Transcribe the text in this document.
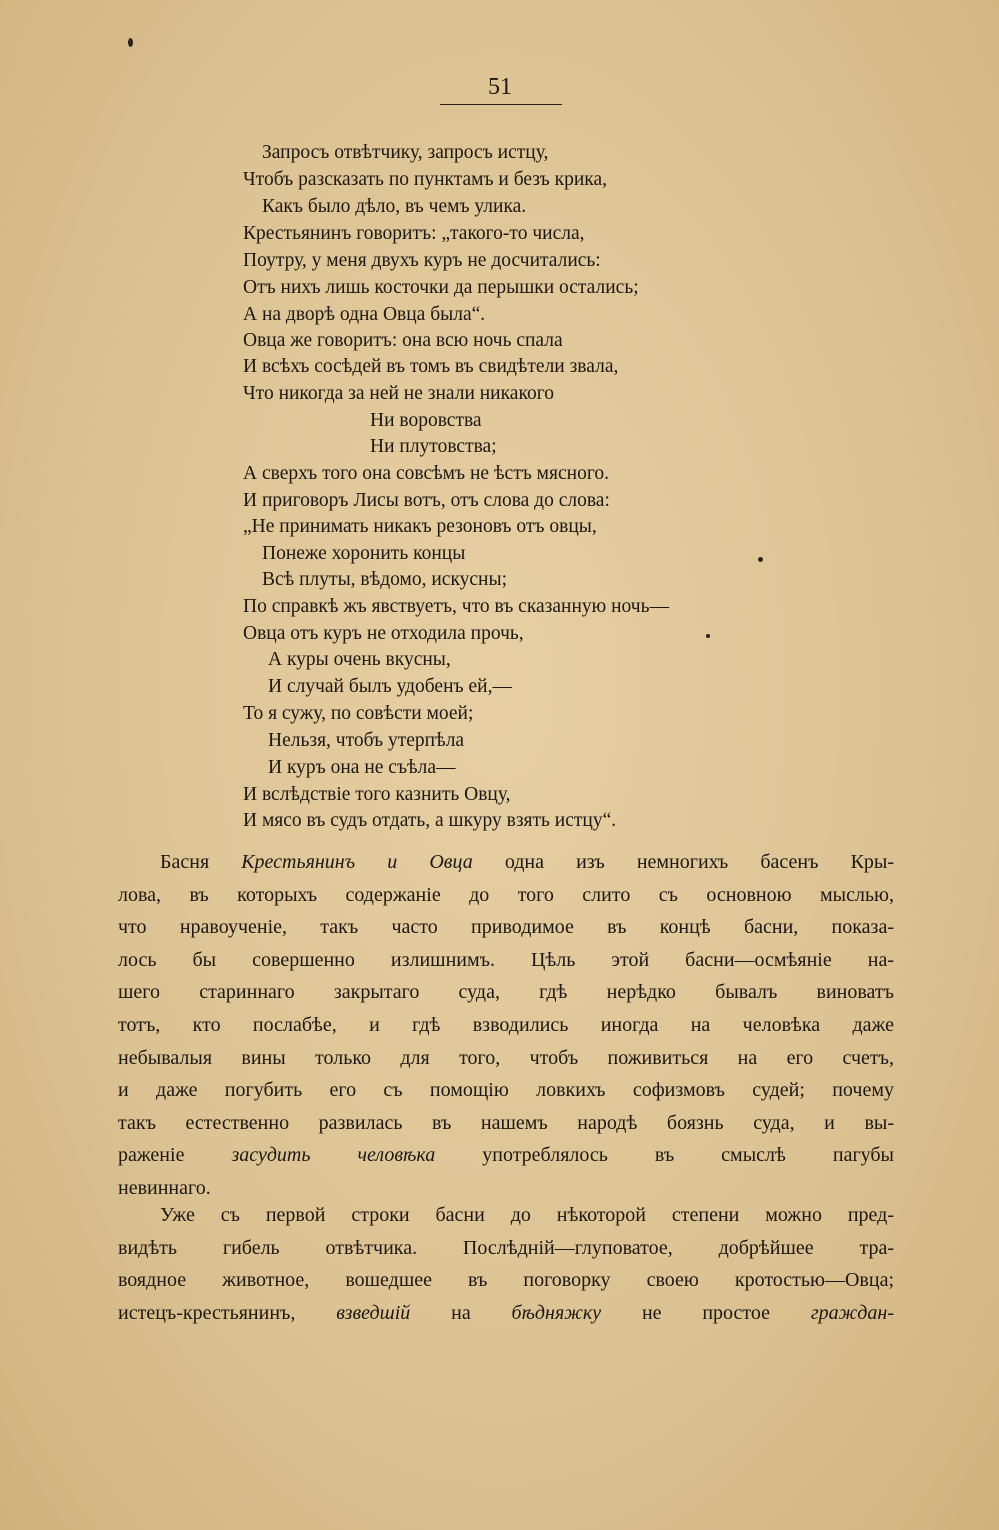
51
Запросъ отвѣтчику, запросъ истцу,
Чтобъ разсказать по пунктамъ и безъ крика,
Какъ было дѣло, въ чемъ улика.
Крестьянинъ говоритъ: „такого-то числа,
Поутру, у меня двухъ куръ не досчитались:
Отъ нихъ лишь косточки да перышки остались;
А на дворѣ одна Овца была“.
Овца же говоритъ: она всю ночь спала
И всѣхъ сосѣдей въ томъ въ свидѣтели звала,
Что никогда за ней не знали никакого
Ни воровства
Ни плутовства;
А сверхъ того она совсѣмъ не ѣстъ мясного.
И приговоръ Лисы вотъ, отъ слова до слова:
„Не принимать никакъ резоновъ отъ овцы,
Понеже хоронить концы
Всѣ плуты, вѣдомо, искусны;
По справкѣ жъ явствуетъ, что въ сказанную ночь—
Овца отъ куръ не отходила прочь,
А куры очень вкусны,
И случай былъ удобенъ ей,—
То я сужу, по совѣсти моей;
Нельзя, чтобъ утерпѣла
И куръ она не съѣла—
И вслѣдствіе того казнить Овцу,
И мясо въ судъ отдать, а шкуру взять истцу“.
Басня Крестьянинъ и Овца одна изъ немногихъ басенъ Кры-
лова, въ которыхъ содержаніе до того слито съ основною мыслью,
что нравоученіе, такъ часто приводимое въ концѣ басни, показа-
лось бы совершенно излишнимъ. Цѣль этой басни—осмѣяніе на-
шего стариннаго закрытаго суда, гдѣ нерѣдко бывалъ виноватъ
тотъ, кто послабѣе, и гдѣ взводились иногда на человѣка даже
небывалыя вины только для того, чтобъ поживиться на его счетъ,
и даже погубить его съ помощію ловкихъ софизмовъ судей; почему
такъ естественно развилась въ нашемъ народѣ боязнь суда, и вы-
раженіе засудить человѣка употреблялось въ смыслѣ пагубы
невиннаго.
Уже съ первой строки басни до нѣкоторой степени можно пред-
видѣть гибель отвѣтчика. Послѣдній—глуповатое, добрѣйшее тра-
воядное животное, вошедшее въ поговорку своею кротостью—Овца;
истецъ-крестьянинъ, взведшій на бѣдняжку не простое граждан-
